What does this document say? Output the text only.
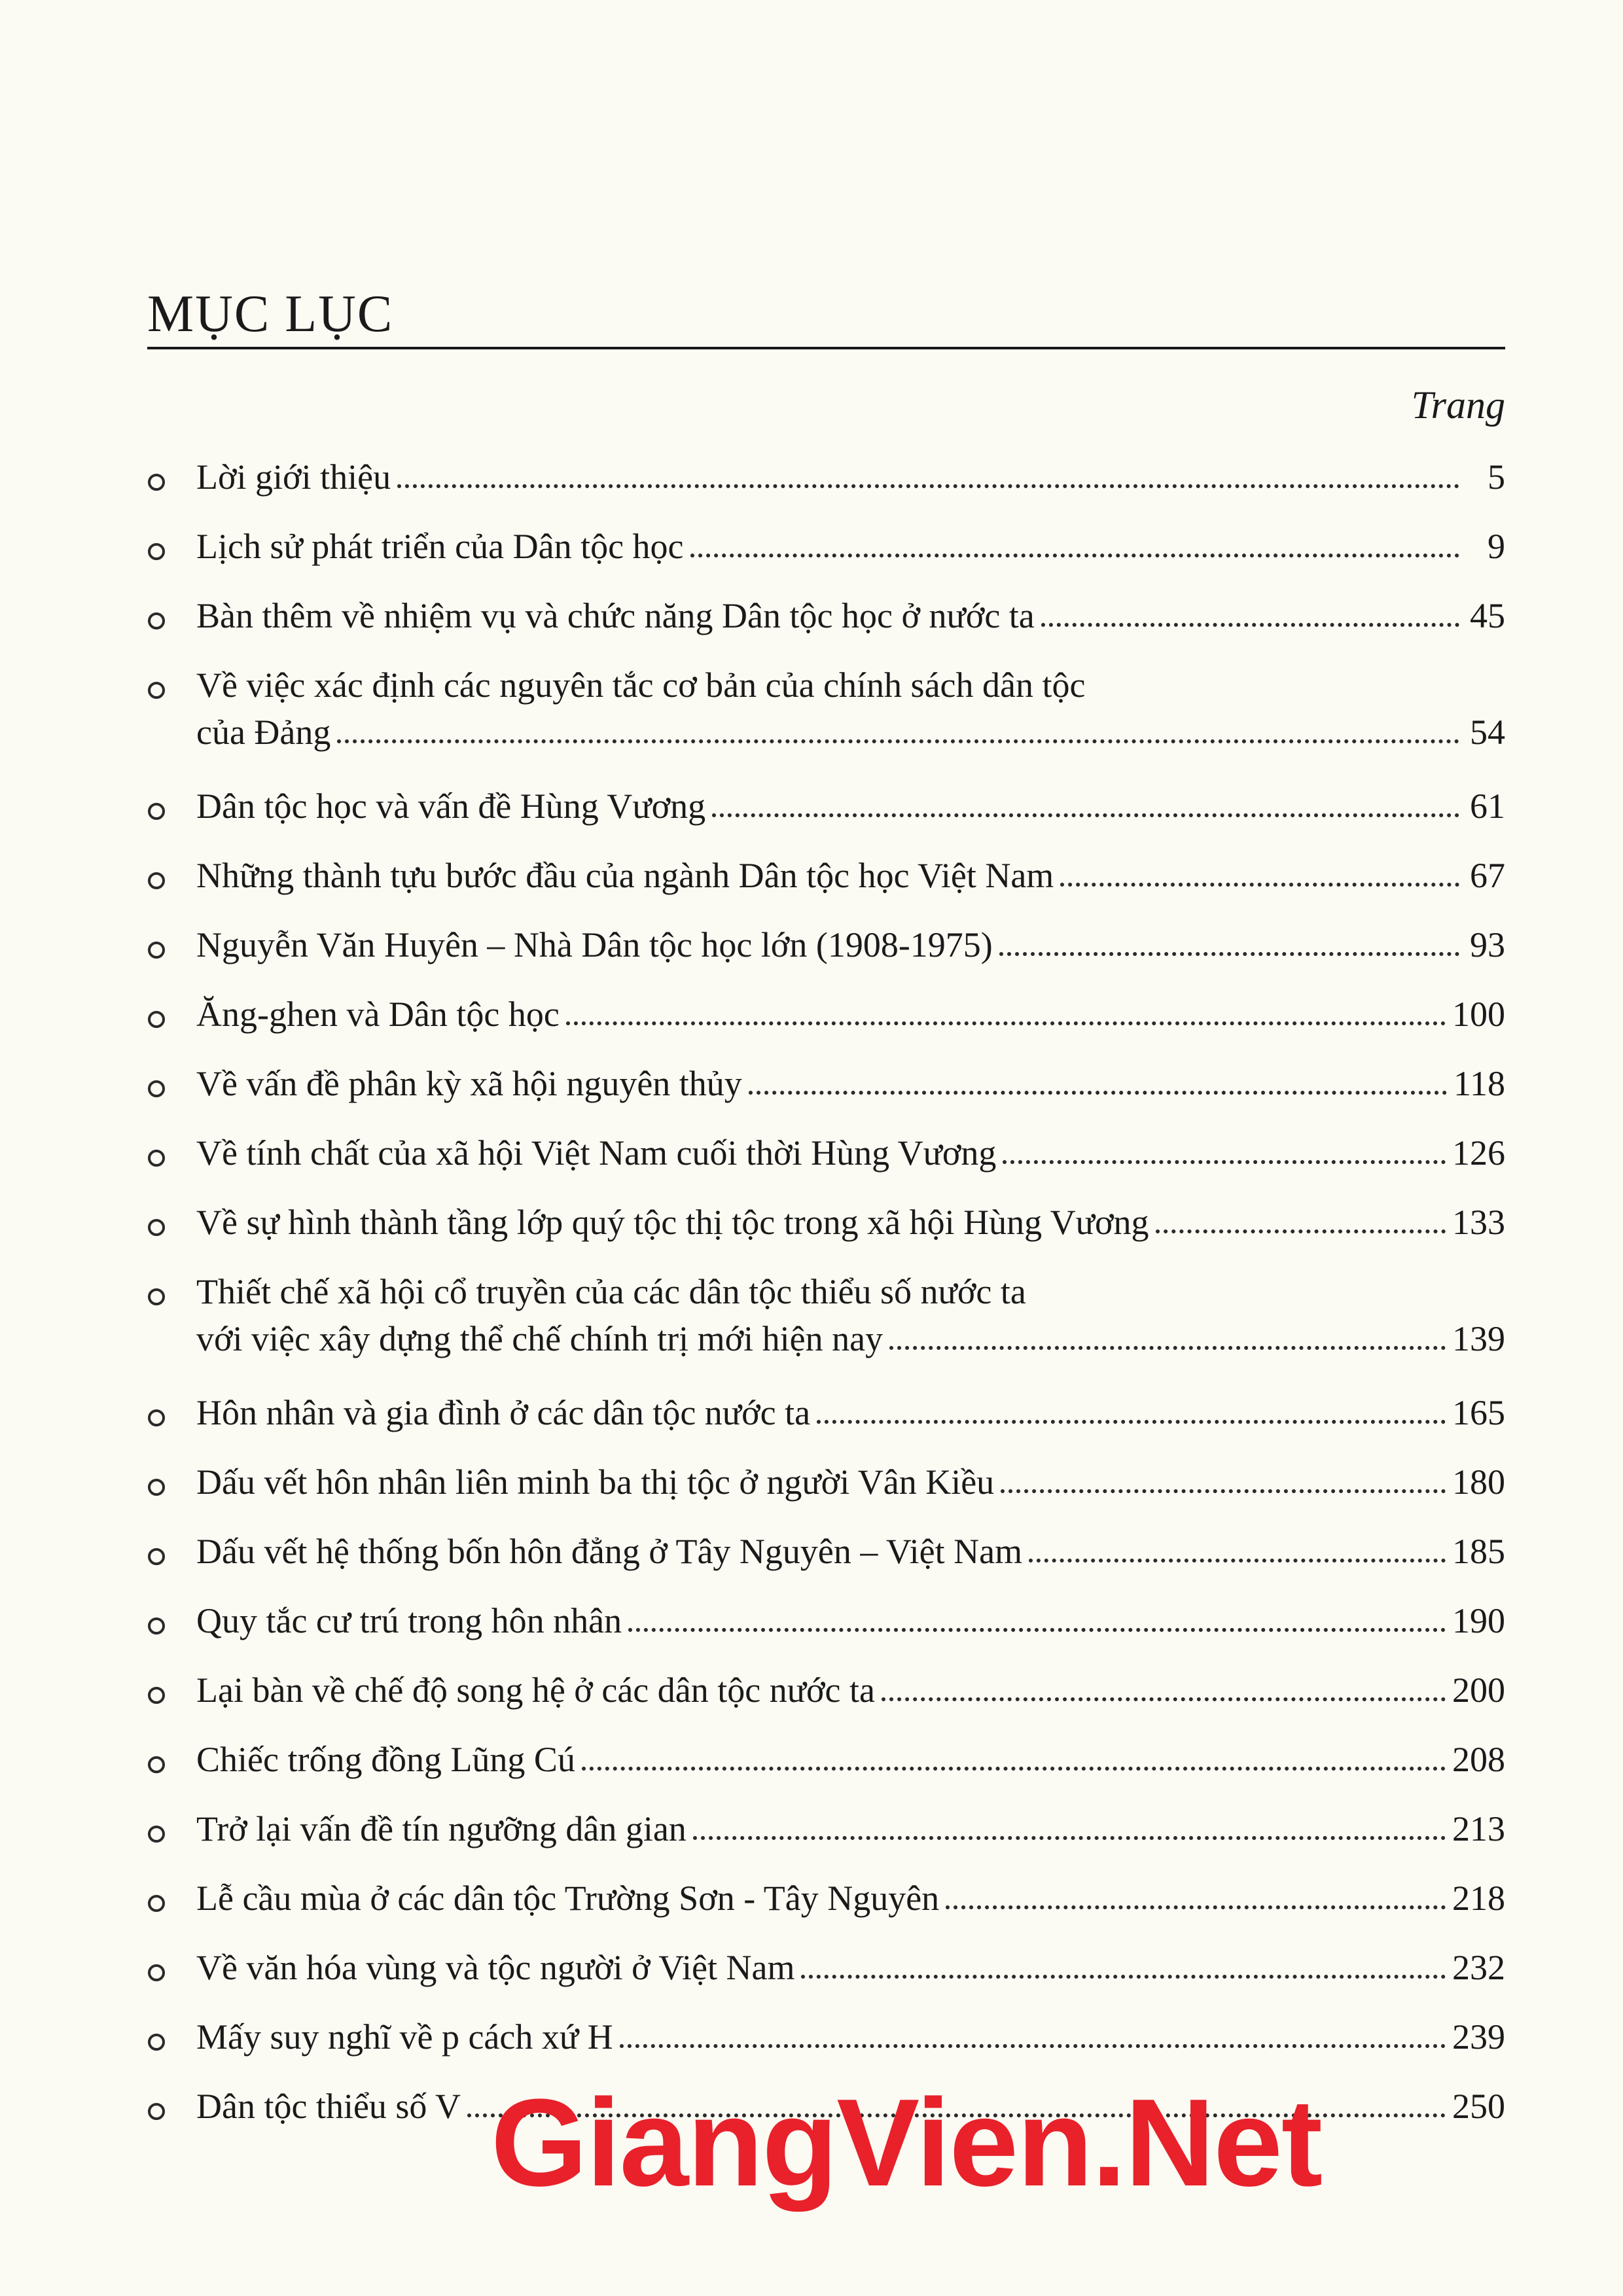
MỤC LỤC
Trang
Lời giới thiệu	5
Lịch sử phát triển của Dân tộc học	9
Bàn thêm về nhiệm vụ và chức năng Dân tộc học ở nước ta	45
Về việc xác định các nguyên tắc cơ bản của chính sách dân tộc
của Đảng	54
Dân tộc học và vấn đề Hùng Vương	61
Những thành tựu bước đầu của ngành Dân tộc học Việt Nam	67
Nguyễn Văn Huyên – Nhà Dân tộc học lớn (1908-1975)	93
Ăng-ghen và Dân tộc học	100
Về vấn đề phân kỳ xã hội nguyên thủy	118
Về tính chất của xã hội Việt Nam cuối thời Hùng Vương	126
Về sự hình thành tầng lớp quý tộc thị tộc trong xã hội Hùng Vương	133
Thiết chế xã hội cổ truyền của các dân tộc thiểu số nước ta
với việc xây dựng thể chế chính trị mới hiện nay	139
Hôn nhân và gia đình ở các dân tộc nước ta	165
Dấu vết hôn nhân liên minh ba thị tộc ở người Vân Kiều	180
Dấu vết hệ thống bốn hôn đẳng ở Tây Nguyên – Việt Nam	185
Quy tắc cư trú trong hôn nhân	190
Lại bàn về chế độ song hệ ở các dân tộc nước ta	200
Chiếc trống đồng Lũng Cú	208
Trở lại vấn đề tín ngưỡng dân gian	213
Lễ cầu mùa ở các dân tộc Trường Sơn - Tây Nguyên	218
Về văn hóa vùng và tộc người ở Việt Nam	232
Mấy suy nghĩ về p cách xứ H	239
Dân tộc thiểu số V	250
GiangVien.Net
